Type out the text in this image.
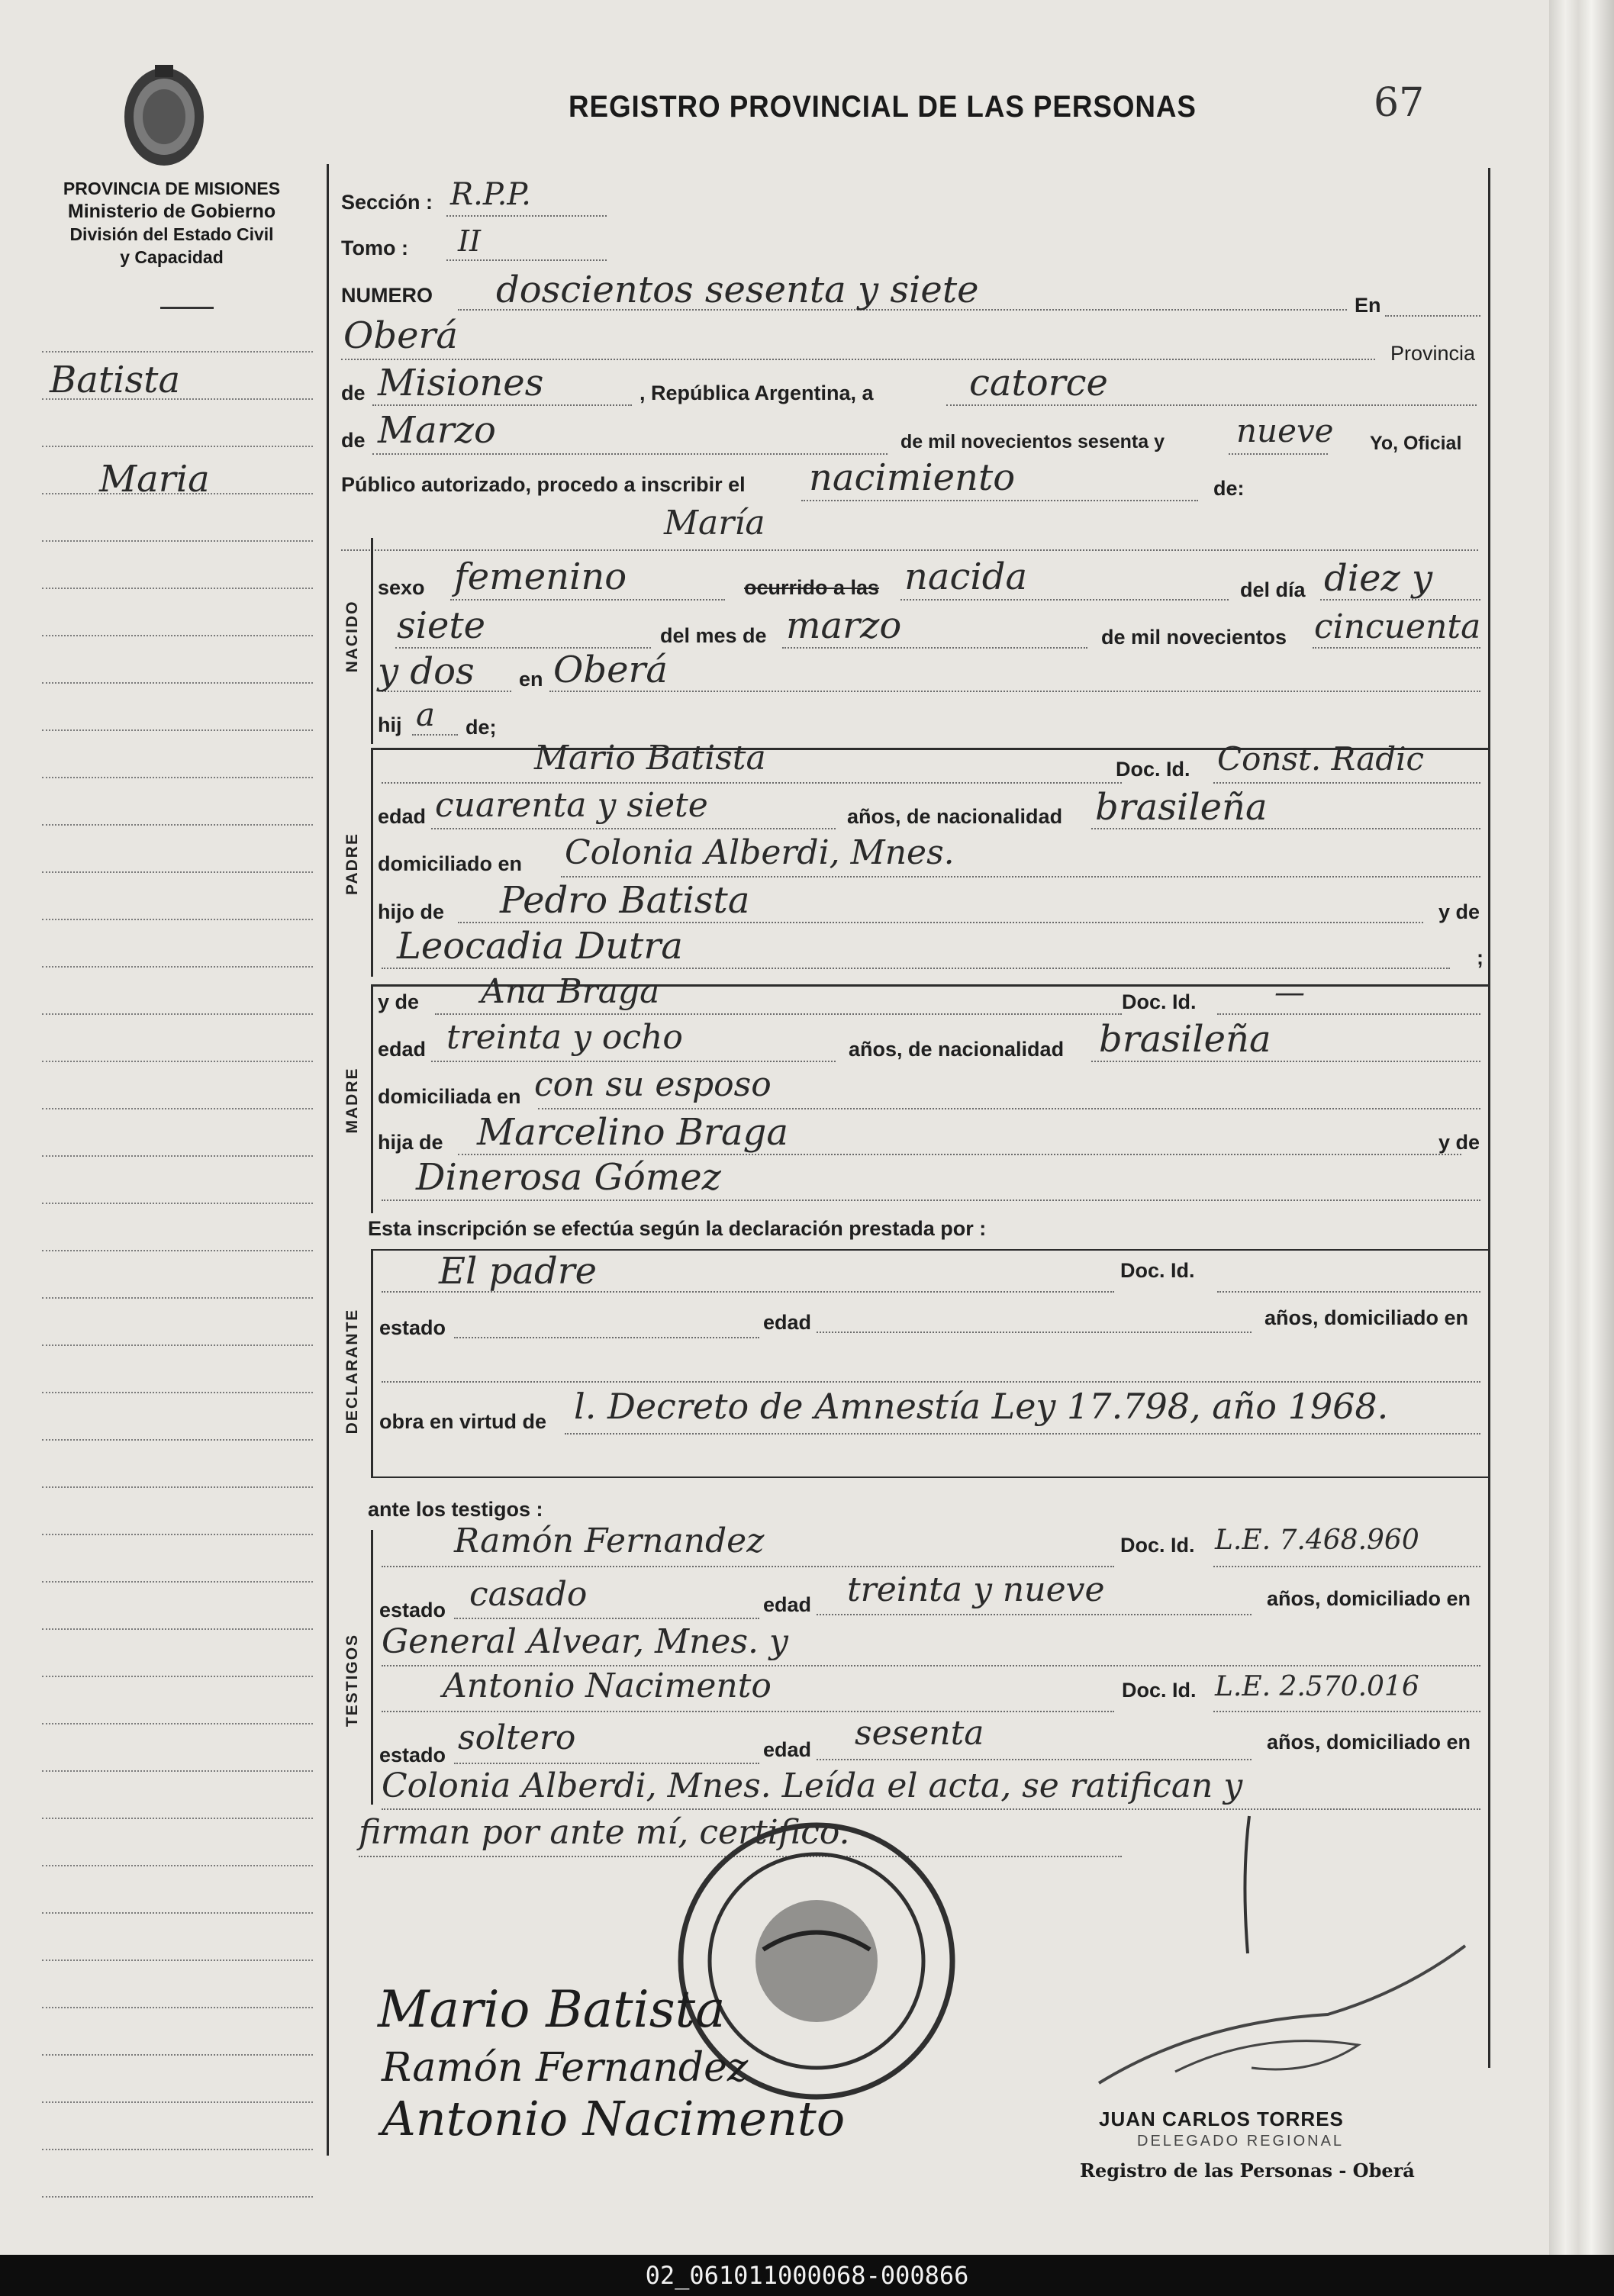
REGISTRO PROVINCIAL DE LAS PERSONAS	67
PROVINCIA DE MISIONES
Ministerio de Gobierno
División del Estado Civil
y Capacidad
Batista
Maria
Sección : R.P.P.
Tomo : II
NUMERO doscientos sesenta y siete	En
Oberá	Provincia
de Misiones	, República Argentina, a	catorce
de Marzo	de mil novecientos sesenta y nueve Yo, Oficial
Público autorizado, procedo a inscribir el nacimiento	de:
María
NACIDO
sexo femenino	ocurrido a las nacida	del día diez y
siete	del mes de marzo	de mil novecientos cincuenta
y dos en Oberá
hij a de;
PADRE
Mario Batista	Doc. Id. Const. Radic
edad cuarenta y siete	años, de nacionalidad brasileña
domiciliado en Colonia Alberdi, Mnes.
hijo de Pedro Batista	y de
Leocadia Dutra	;
MADRE
y de Ana Braga	Doc. Id.	—
edad treinta y ocho	años, de nacionalidad brasileña
domiciliada en con su esposo
hija de Marcelino Braga	y de
Dinerosa Gómez
Esta inscripción se efectúa según la declaración prestada por :
DECLARANTE
El padre	Doc. Id.
estado	edad	años, domiciliado en
obra en virtud de l. Decreto de Amnestía Ley 17.798, año 1968.
ante los testigos :
TESTIGOS
Ramón Fernandez	Doc. Id. L.E. 7.468.960
estado casado	edad treinta y nueve	años, domiciliado en
General Alvear, Mnes. y
Antonio Nacimento	Doc. Id. L.E. 2.570.016
estado soltero	edad sesenta	años, domiciliado en
Colonia Alberdi, Mnes. Leída el acta, se ratifican y
firman por ante mí, certifico.
Mario Batista
Ramón Fernandez
Antonio Nacimento	JUAN CARLOS TORRES
DELEGADO REGIONAL
Registro de las Personas - Oberá
02_061011000068-000866
